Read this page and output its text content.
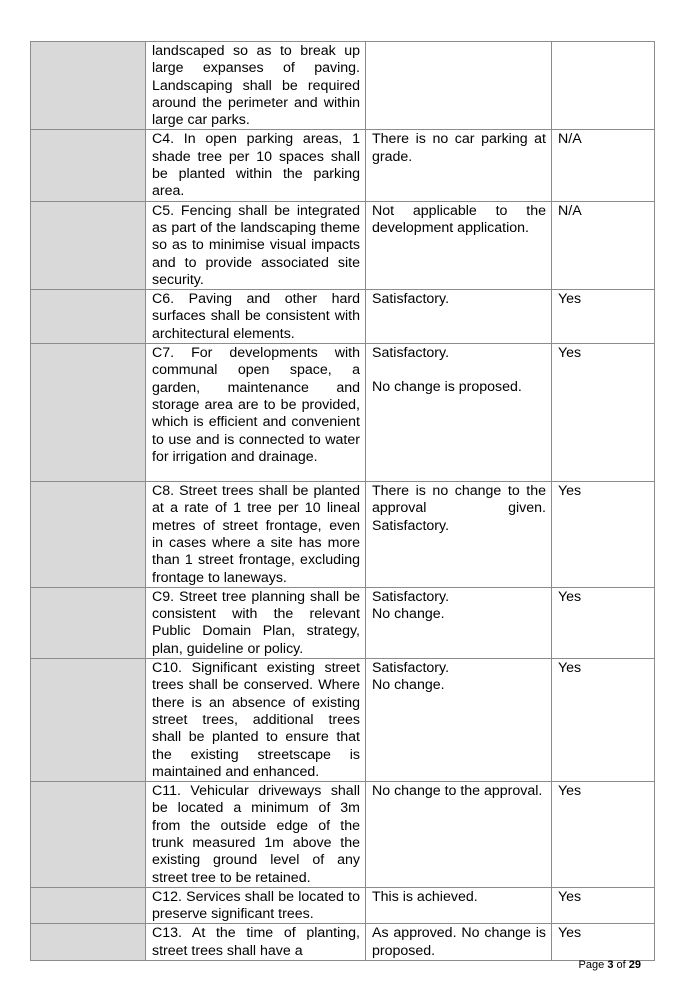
	landscaped so as to break up large expanses of paving. Landscaping shall be required around the perimeter and within large car parks.		

	C4. In open parking areas, 1 shade tree per 10 spaces shall be planted within the parking area.	There is no car parking at grade.	N/A

	C5. Fencing shall be integrated as part of the landscaping theme so as to minimise visual impacts and to provide associated site security.	Not applicable to the development application.	N/A

	C6. Paving and other hard surfaces shall be consistent with architectural elements.	Satisfactory.	Yes

	C7. For developments with communal open space, a garden, maintenance and storage area are to be provided, which is efficient and convenient to use and is connected to water for irrigation and drainage.	Satisfactory.
No change is proposed.	Yes

	C8. Street trees shall be planted at a rate of 1 tree per 10 lineal metres of street frontage, even in cases where a site has more than 1 street frontage, excluding frontage to laneways.	There is no change to the approval given. Satisfactory.	Yes

	C9. Street tree planning shall be consistent with the relevant Public Domain Plan, strategy, plan, guideline or policy.	Satisfactory.
No change.	Yes

	C10. Significant existing street trees shall be conserved. Where there is an absence of existing street trees, additional trees shall be planted to ensure that the existing streetscape is maintained and enhanced.	Satisfactory.
No change.	Yes

	C11. Vehicular driveways shall be located a minimum of 3m from the outside edge of the trunk measured 1m above the existing ground level of any street tree to be retained.	No change to the approval.	Yes

	C12. Services shall be located to preserve significant trees.	This is achieved.	Yes

	C13. At the time of planting, street trees shall have a	As approved. No change is proposed.	Yes
Page 3 of 29
